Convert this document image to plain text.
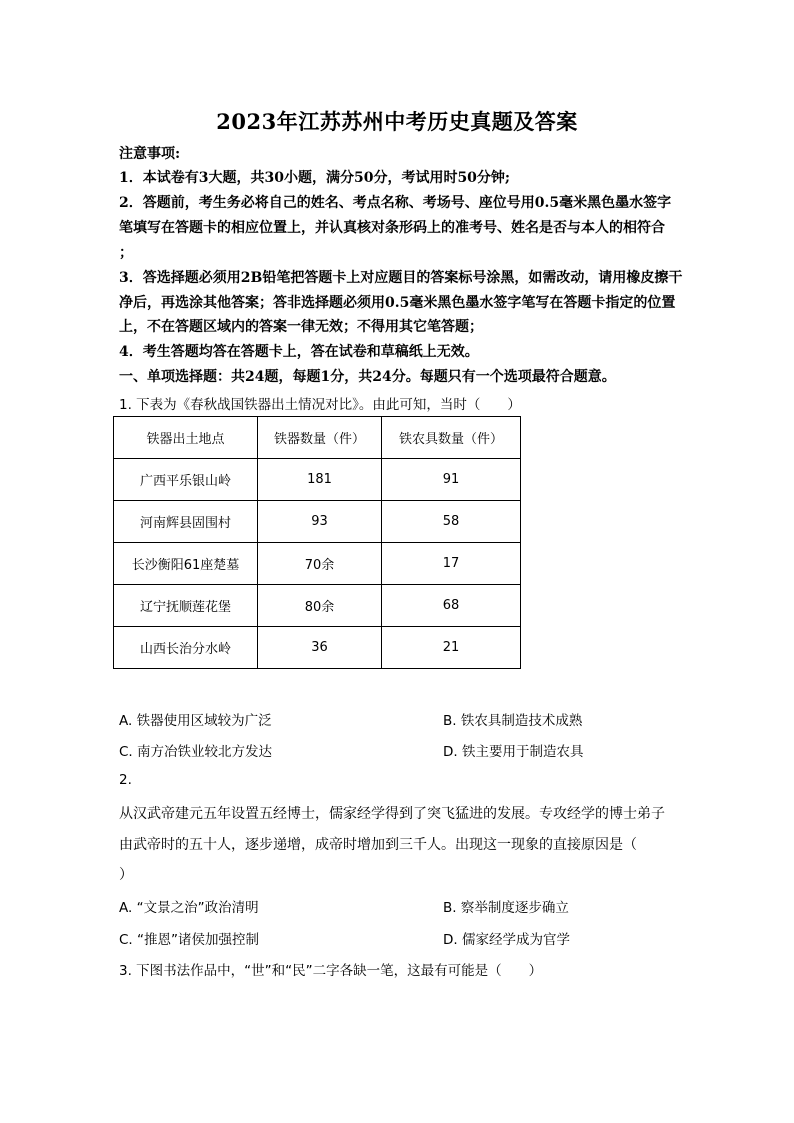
2023年江苏苏州中考历史真题及答案
注意事项:
1．本试卷有3大题，共30小题，满分50分，考试用时50分钟;
2．答题前，考生务必将自己的姓名、考点名称、考场号、座位号用0.5毫米黑色墨水签字
笔填写在答题卡的相应位置上，并认真核对条形码上的准考号、姓名是否与本人的相符合
；
3．答选择题必须用2B铅笔把答题卡上对应题目的答案标号涂黑，如需改动，请用橡皮擦干
净后，再选涂其他答案；答非选择题必须用0.5毫米黑色墨水签字笔写在答题卡指定的位置
上，不在答题区域内的答案一律无效；不得用其它笔答题；
4．考生答题均答在答题卡上，答在试卷和草稿纸上无效。
一、单项选择题：共24题，每题1分，共24分。每题只有一个选项最符合题意。
1. 下表为《春秋战国铁器出土情况对比》。由此可知，当时（　　）
铁器出土地点	铁器数量（件）	铁农具数量（件）
广西平乐银山岭	181	91
河南辉县固围村	93	58
长沙衡阳61座楚墓	70余	17
辽宁抚顺莲花堡	80余	68
山西长治分水岭	36	21
A. 铁器使用区域较为广泛	B. 铁农具制造技术成熟
C. 南方冶铁业较北方发达	D. 铁主要用于制造农具
2.
从汉武帝建元五年设置五经博士，儒家经学得到了突飞猛进的发展。专攻经学的博士弟子
由武帝时的五十人，逐步递增，成帝时增加到三千人。出现这一现象的直接原因是（
）
A. “文景之治”政治清明	B. 察举制度逐步确立
C. “推恩”诸侯加强控制	D. 儒家经学成为官学
3. 下图书法作品中，“世”和“民”二字各缺一笔，这最有可能是（　　）
